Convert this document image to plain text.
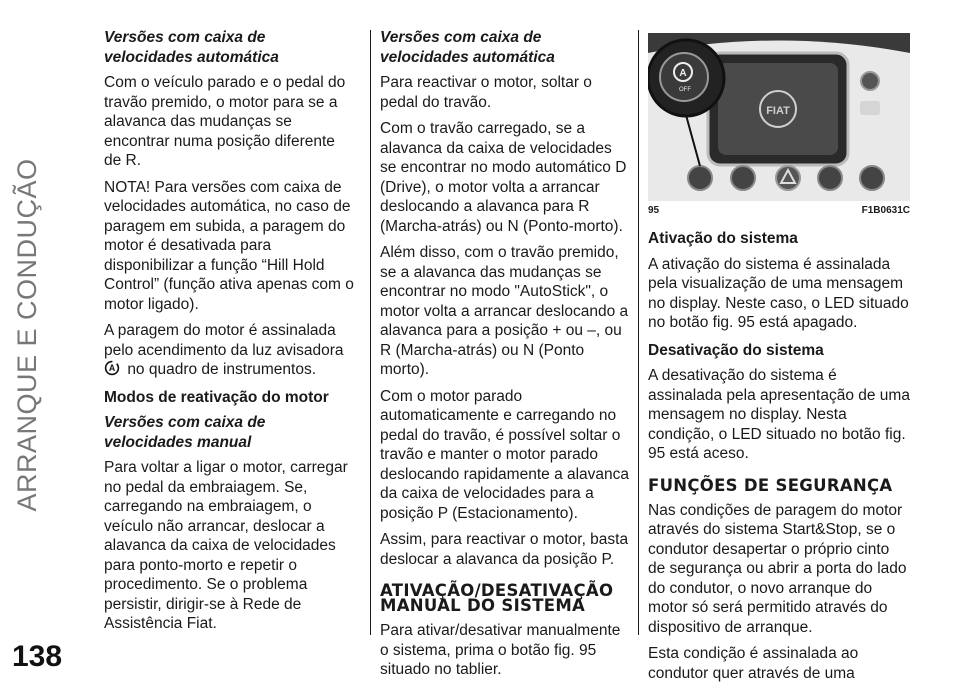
ARRANQUE E CONDUÇÃO
138
Versões com caixa de velocidades automática

Com o veículo parado e o pedal do travão premido, o motor para se a alavanca das mudanças se encontrar numa posição diferente de R.

NOTA! Para versões com caixa de velocidades automática, no caso de paragem em subida, a paragem do motor é desativada para disponibilizar a função “Hill Hold Control” (função ativa apenas com o motor ligado).

A paragem do motor é assinalada pelo acendimento da luz avisadora
A no quadro de instrumentos.

Modos de reativação do motor
Versões com caixa de velocidades manual

Para voltar a ligar o motor, carregar no pedal da embraiagem. Se, carregando na embraiagem, o veículo não arrancar, deslocar a alavanca da caixa de velocidades para ponto-morto e repetir o procedimento. Se o problema persistir, dirigir-se à Rede de Assistência Fiat.

Versões com caixa de velocidades automática

Para reactivar o motor, soltar o pedal do travão.

Com o travão carregado, se a alavanca da caixa de velocidades se encontrar no modo automático D (Drive), o motor volta a arrancar deslocando a alavanca para R (Marcha-atrás) ou N (Ponto-morto).

Além disso, com o travão premido, se a alavanca das mudanças se encontrar no modo "AutoStick", o motor volta a arrancar deslocando a alavanca para a posição + ou –, ou R (Marcha-atrás) ou N (Ponto morto).

Com o motor parado automaticamente e carregando no pedal do travão, é possível soltar o travão e manter o motor parado deslocando rapidamente a alavanca da caixa de velocidades para a posição P (Estacionamento).

Assim, para reactivar o motor, basta deslocar a alavanca da posição P.

ATIVAÇÃO/DESATIVAÇÃO MANUAL DO SISTEMA

Para ativar/desativar manualmente o sistema, prima o botão fig. 95 situado no tablier.

FIAT
A
OFF
95	F1B0631C
Ativação do sistema

A ativação do sistema é assinalada pela visualização de uma mensagem no display. Neste caso, o LED situado no botão fig. 95 está apagado.

Desativação do sistema

A desativação do sistema é assinalada pela apresentação de uma mensagem no display. Nesta condição, o LED situado no botão fig. 95 está aceso.

FUNÇÕES DE SEGURANÇA

Nas condições de paragem do motor através do sistema Start&Stop, se o condutor desapertar o próprio cinto de segurança ou abrir a porta do lado do condutor, o novo arranque do motor só será permitido através do dispositivo de arranque.

Esta condição é assinalada ao condutor quer através de uma
